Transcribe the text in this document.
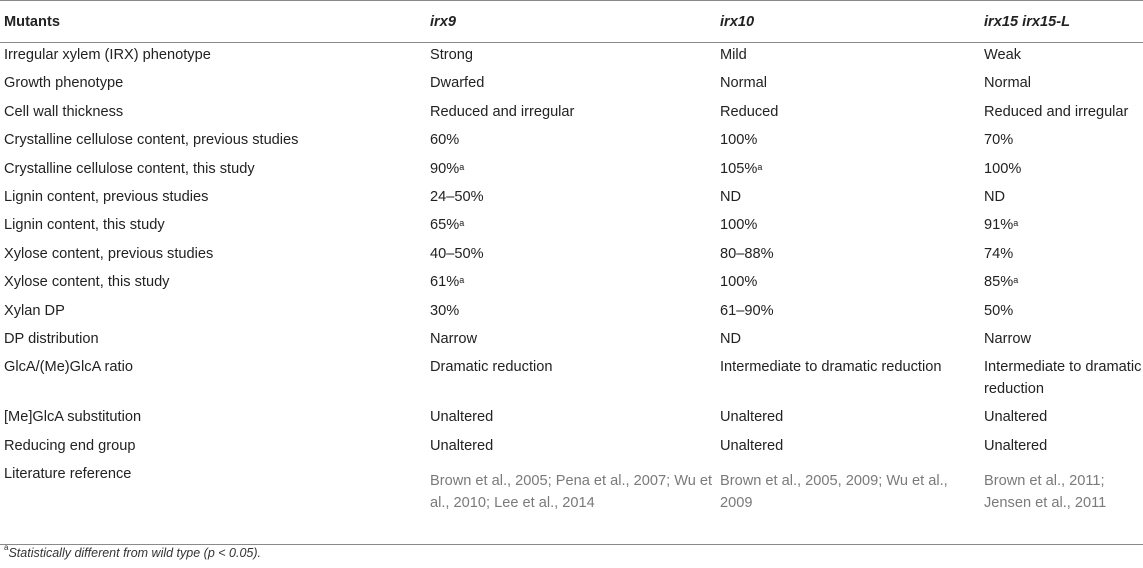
Mutants	irx9	irx10	irx15 irx15-L
Irregular xylem (IRX) phenotype	Strong	Mild	Weak
Growth phenotype	Dwarfed	Normal	Normal
Cell wall thickness	Reduced and irregular	Reduced	Reduced and irregular
Crystalline cellulose content, previous studies	60%	100%	70%
Crystalline cellulose content, this study	90%$^a$	105%$^a$	100%
Lignin content, previous studies	24–50%	ND	ND
Lignin content, this study	65%$^a$	100%	91%$^a$
Xylose content, previous studies	40–50%	80–88%	74%
Xylose content, this study	61%$^a$	100%	85%$^a$
Xylan DP	30%	61–90%	50%
DP distribution	Narrow	ND	Narrow
GlcA/(Me)GlcA ratio	Dramatic reduction	Intermediate to dramatic reduction	Intermediate to dramatic reduction
[Me]GlcA substitution	Unaltered	Unaltered	Unaltered
Reducing end group	Unaltered	Unaltered	Unaltered
Literature reference	Brown et al., 2005; Pena et al., 2007; Wu et al., 2010; Lee et al., 2014	Brown et al., 2005, 2009; Wu et al., 2009	Brown et al., 2011; Jensen et al., 2011
$^a$Statistically different from wild type (p < 0.05).
